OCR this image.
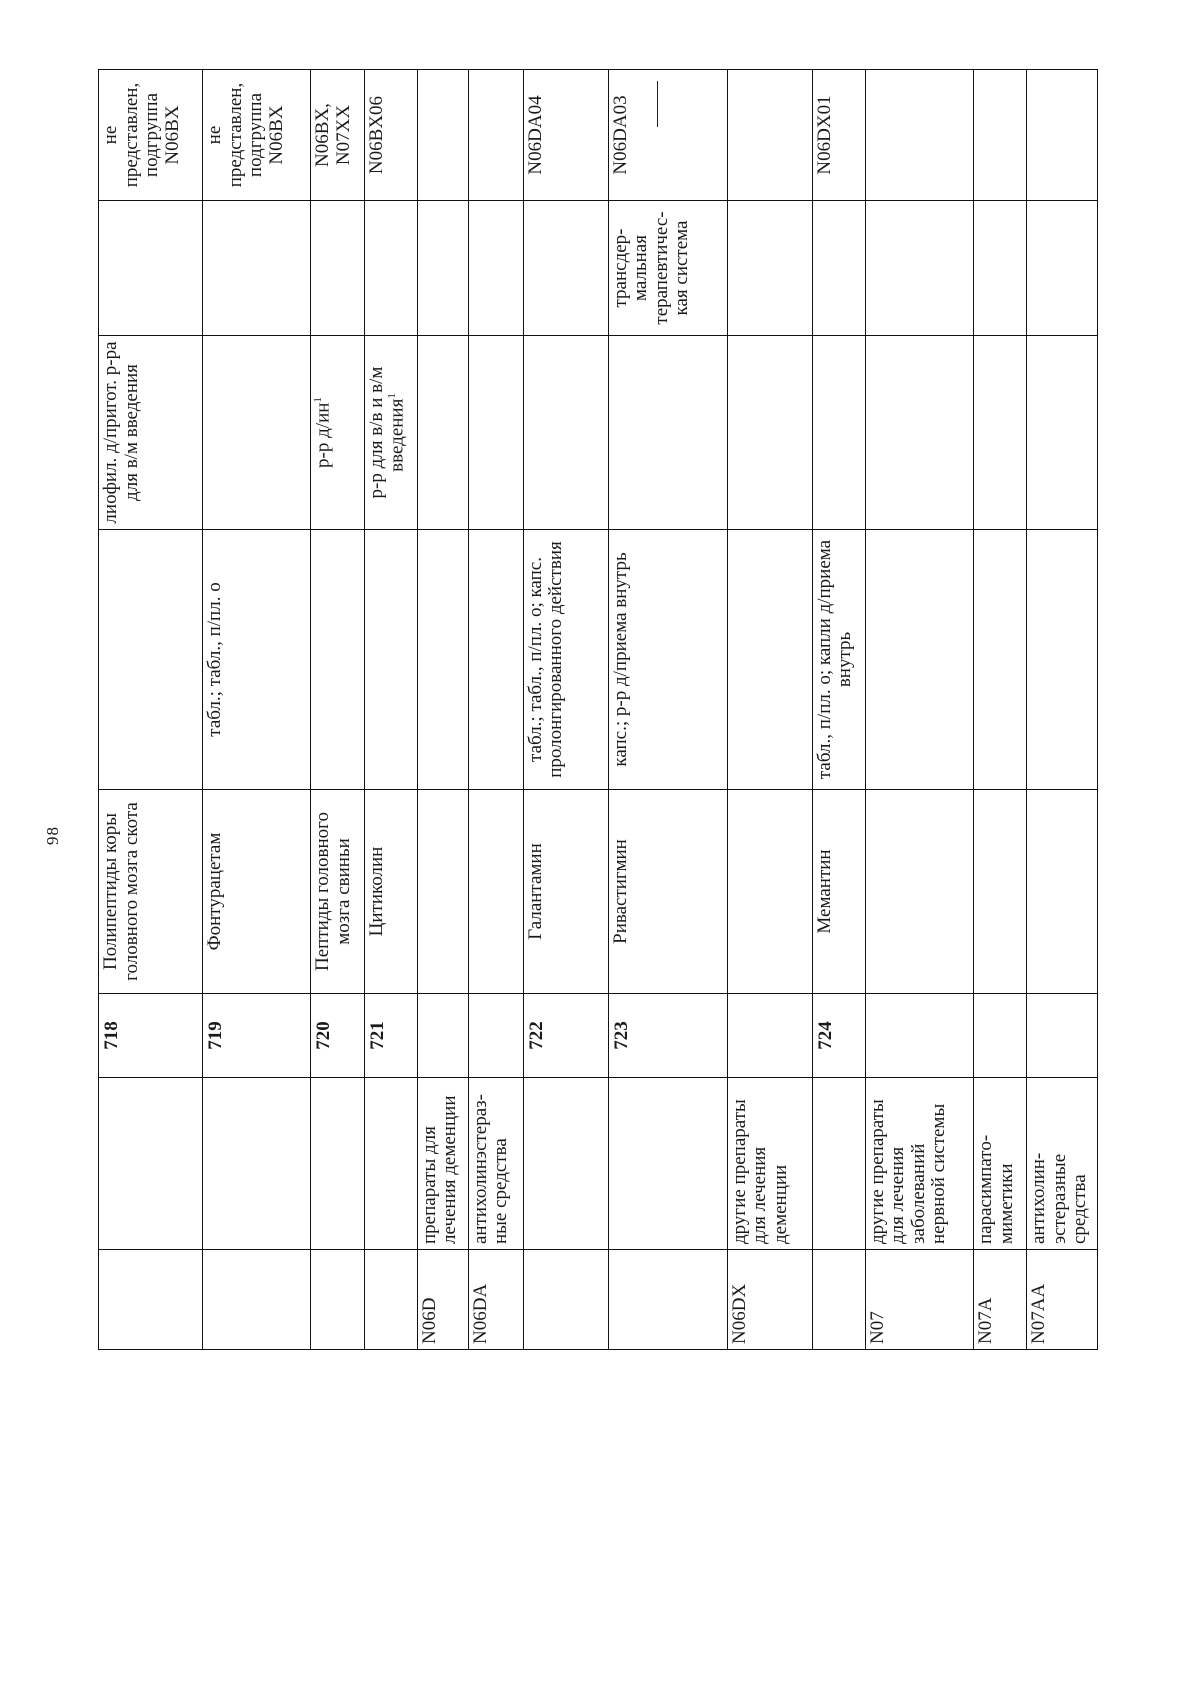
98
		718	Полипептиды коры головного мозга скота		лиофил. д/пригот. р-ра для в/м введения		не представлен, подгруппа N06BX
		719	Фонтурацетам	табл.; табл., п/пл. о			не представлен, подгруппа N06BX
		720	Пептиды головного мозга свиньи		р-р $д/ин^1$		N06BX, N07XX
		721	Цитиколин		р-р для в/в и в/м введения$^1$		N06BX06
N06D	препараты для лечения деменции						
N06DA	антихолинэстераз-ные средства						
		722	Галантамин	табл.; табл., п/пл. о; капс. пролонгированного действия			N06DA04
		723	Ривастигмин	капс.; р-р д/приема внутрь		трансдер-мальная терапевтичес-кая система	N06DA03

N06DX	другие препараты для лечения деменции						
		724	Мемантин	табл., п/пл. о; капли д/приема внутрь			N06DX01
N07	другие препараты для лечения заболеваний нервной системы						
N07A	парасимпато-миметики						
N07AA	антихолин-эстеразные средства						
